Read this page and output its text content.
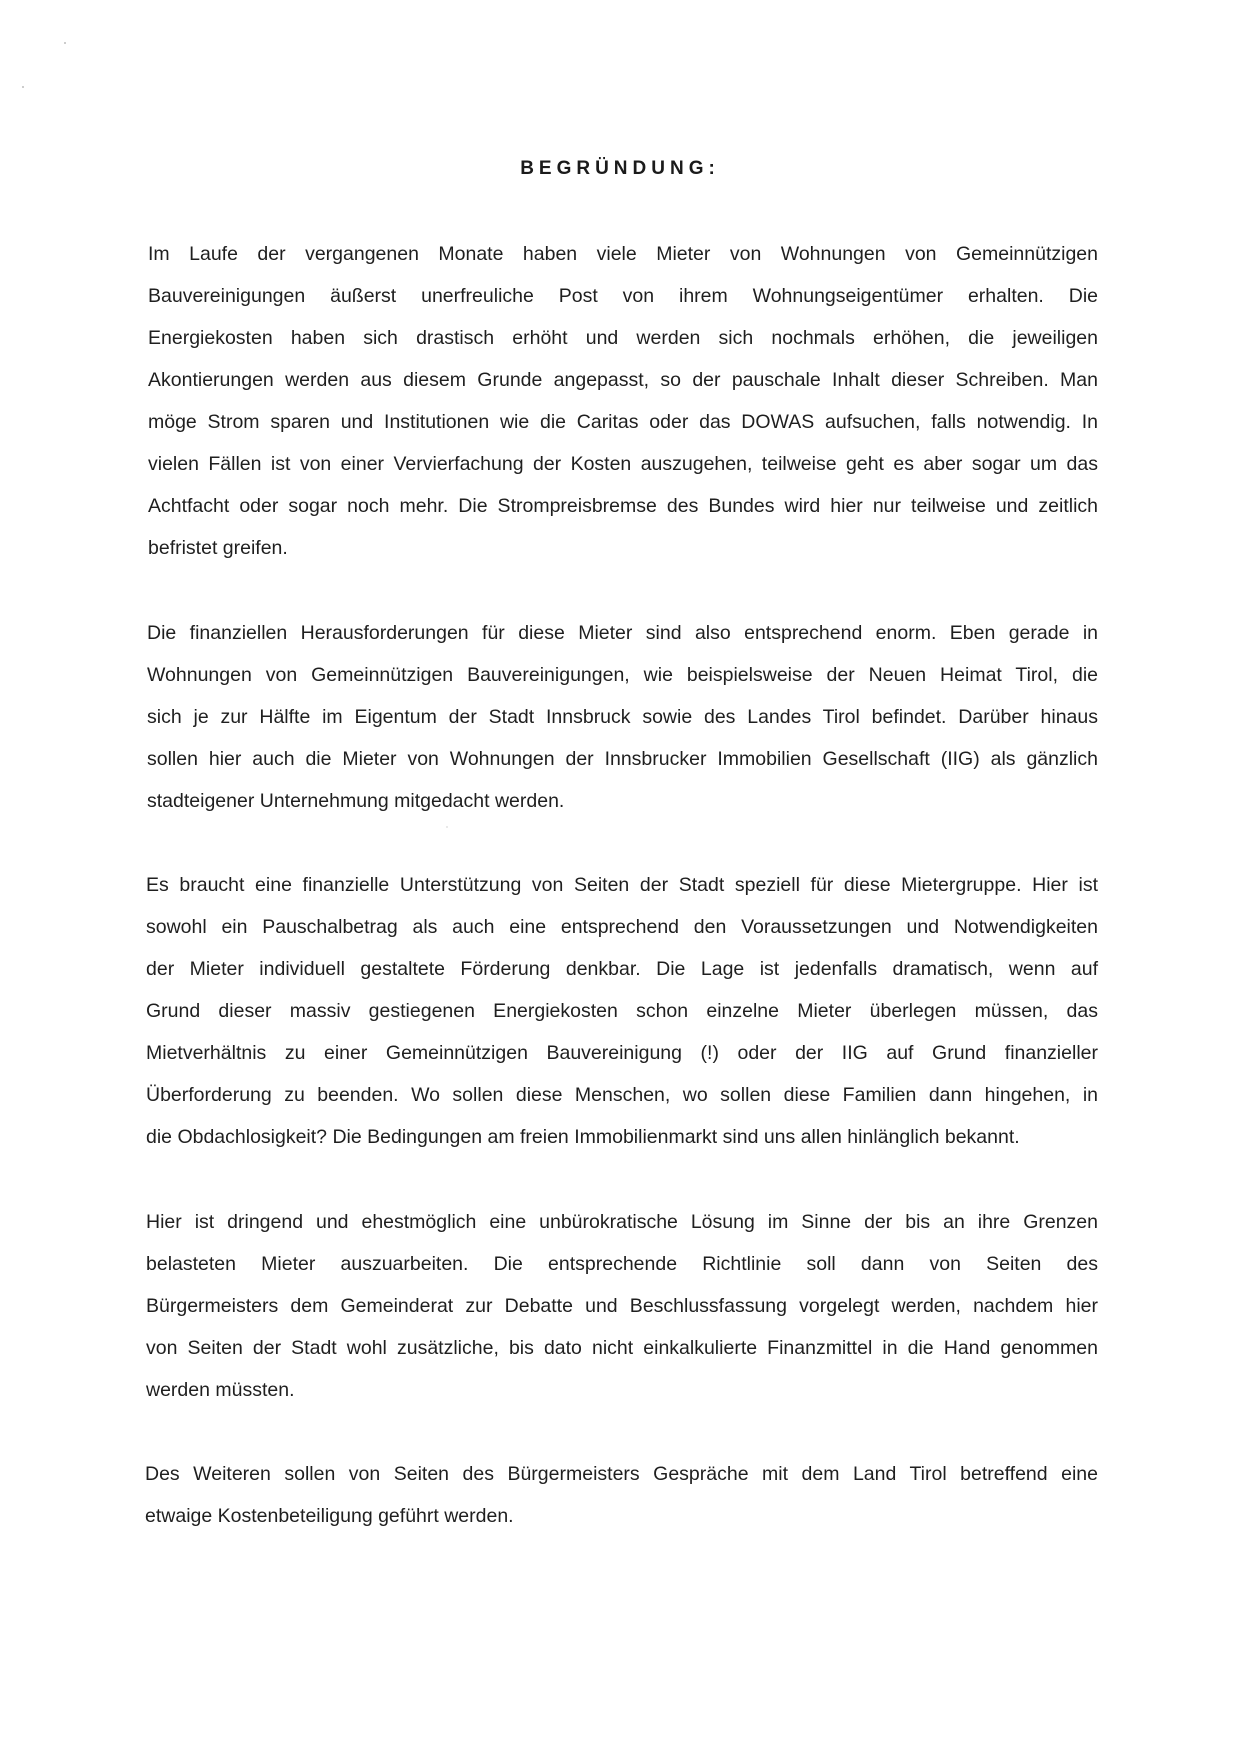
BEGRÜNDUNG:
Im Laufe der vergangenen Monate haben viele Mieter von Wohnungen von Gemeinnützigen
Bauvereinigungen äußerst unerfreuliche Post von ihrem Wohnungseigentümer erhalten. Die
Energiekosten haben sich drastisch erhöht und werden sich nochmals erhöhen, die jeweiligen
Akontierungen werden aus diesem Grunde angepasst, so der pauschale Inhalt dieser Schreiben. Man
möge Strom sparen und Institutionen wie die Caritas oder das DOWAS aufsuchen, falls notwendig. In
vielen Fällen ist von einer Vervierfachung der Kosten auszugehen, teilweise geht es aber sogar um das
Achtfacht oder sogar noch mehr. Die Strompreisbremse des Bundes wird hier nur teilweise und zeitlich
befristet greifen.
Die finanziellen Herausforderungen für diese Mieter sind also entsprechend enorm. Eben gerade in
Wohnungen von Gemeinnützigen Bauvereinigungen, wie beispielsweise der Neuen Heimat Tirol, die
sich je zur Hälfte im Eigentum der Stadt Innsbruck sowie des Landes Tirol befindet. Darüber hinaus
sollen hier auch die Mieter von Wohnungen der Innsbrucker Immobilien Gesellschaft (IIG) als gänzlich
stadteigener Unternehmung mitgedacht werden.
Es braucht eine finanzielle Unterstützung von Seiten der Stadt speziell für diese Mietergruppe. Hier ist
sowohl ein Pauschalbetrag als auch eine entsprechend den Voraussetzungen und Notwendigkeiten
der Mieter individuell gestaltete Förderung denkbar. Die Lage ist jedenfalls dramatisch, wenn auf
Grund dieser massiv gestiegenen Energiekosten schon einzelne Mieter überlegen müssen, das
Mietverhältnis zu einer Gemeinnützigen Bauvereinigung (!) oder der IIG auf Grund finanzieller
Überforderung zu beenden. Wo sollen diese Menschen, wo sollen diese Familien dann hingehen, in
die Obdachlosigkeit? Die Bedingungen am freien Immobilienmarkt sind uns allen hinlänglich bekannt.
Hier ist dringend und ehestmöglich eine unbürokratische Lösung im Sinne der bis an ihre Grenzen
belasteten Mieter auszuarbeiten. Die entsprechende Richtlinie soll dann von Seiten des
Bürgermeisters dem Gemeinderat zur Debatte und Beschlussfassung vorgelegt werden, nachdem hier
von Seiten der Stadt wohl zusätzliche, bis dato nicht einkalkulierte Finanzmittel in die Hand genommen
werden müssten.
Des Weiteren sollen von Seiten des Bürgermeisters Gespräche mit dem Land Tirol betreffend eine
etwaige Kostenbeteiligung geführt werden.
